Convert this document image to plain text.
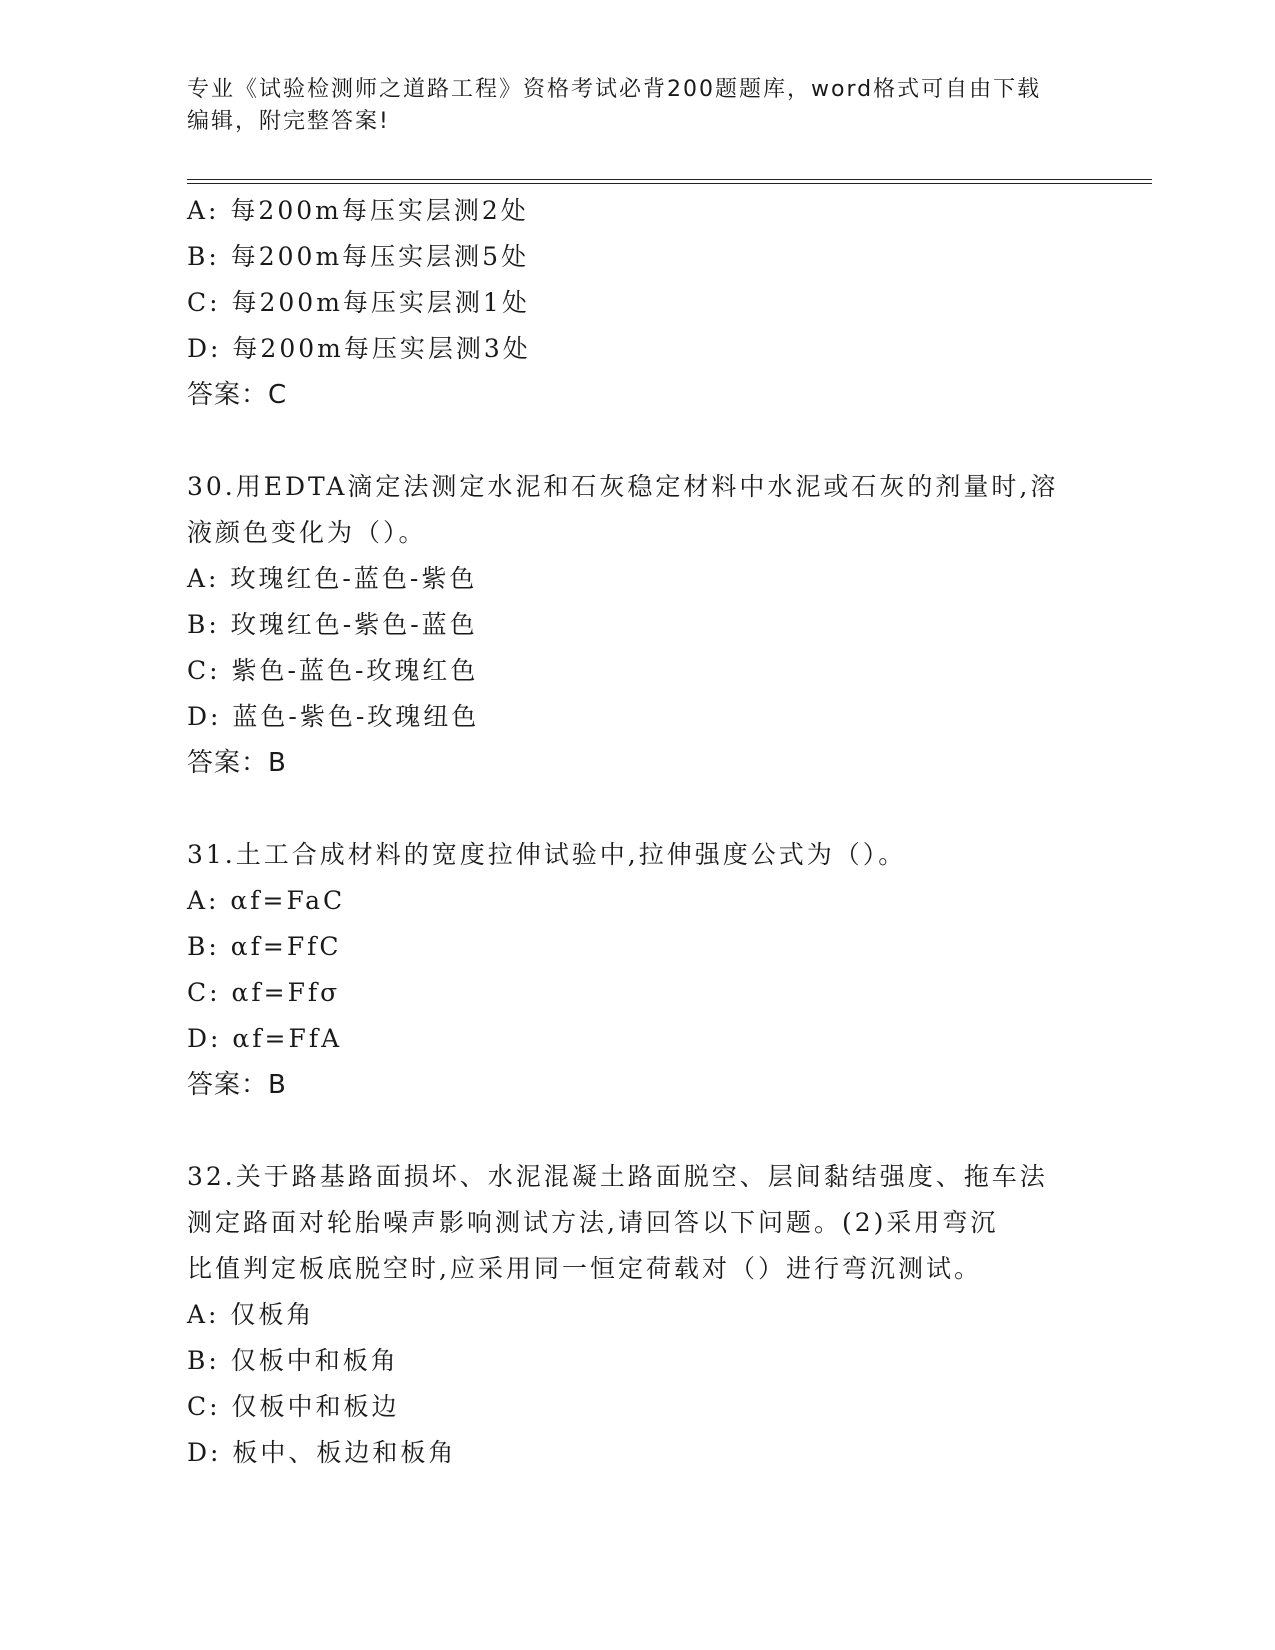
专业《试验检测师之道路工程》资格考试必背200题题库，word格式可自由下载
编辑，附完整答案!
A: 每200m每压实层测2处
B: 每200m每压实层测5处
C: 每200m每压实层测1处
D: 每200m每压实层测3处
答案：C
30.用EDTA滴定法测定水泥和石灰稳定材料中水泥或石灰的剂量时,溶
液颜色变化为（）。
A: 玫瑰红色-蓝色-紫色
B: 玫瑰红色-紫色-蓝色
C: 紫色-蓝色-玫瑰红色
D: 蓝色-紫色-玫瑰纽色
答案：B
31.土工合成材料的宽度拉伸试验中,拉伸强度公式为（）。
A: αf=FaC
B: αf=FfC
C: αf=Ffσ
D: αf=FfA
答案：B
32.关于路基路面损坏、水泥混凝土路面脱空、层间黏结强度、拖车法
测定路面对轮胎噪声影响测试方法,请回答以下问题。(2)采用弯沉
比值判定板底脱空时,应采用同一恒定荷载对（）进行弯沉测试。
A: 仅板角
B: 仅板中和板角
C: 仅板中和板边
D: 板中、板边和板角
